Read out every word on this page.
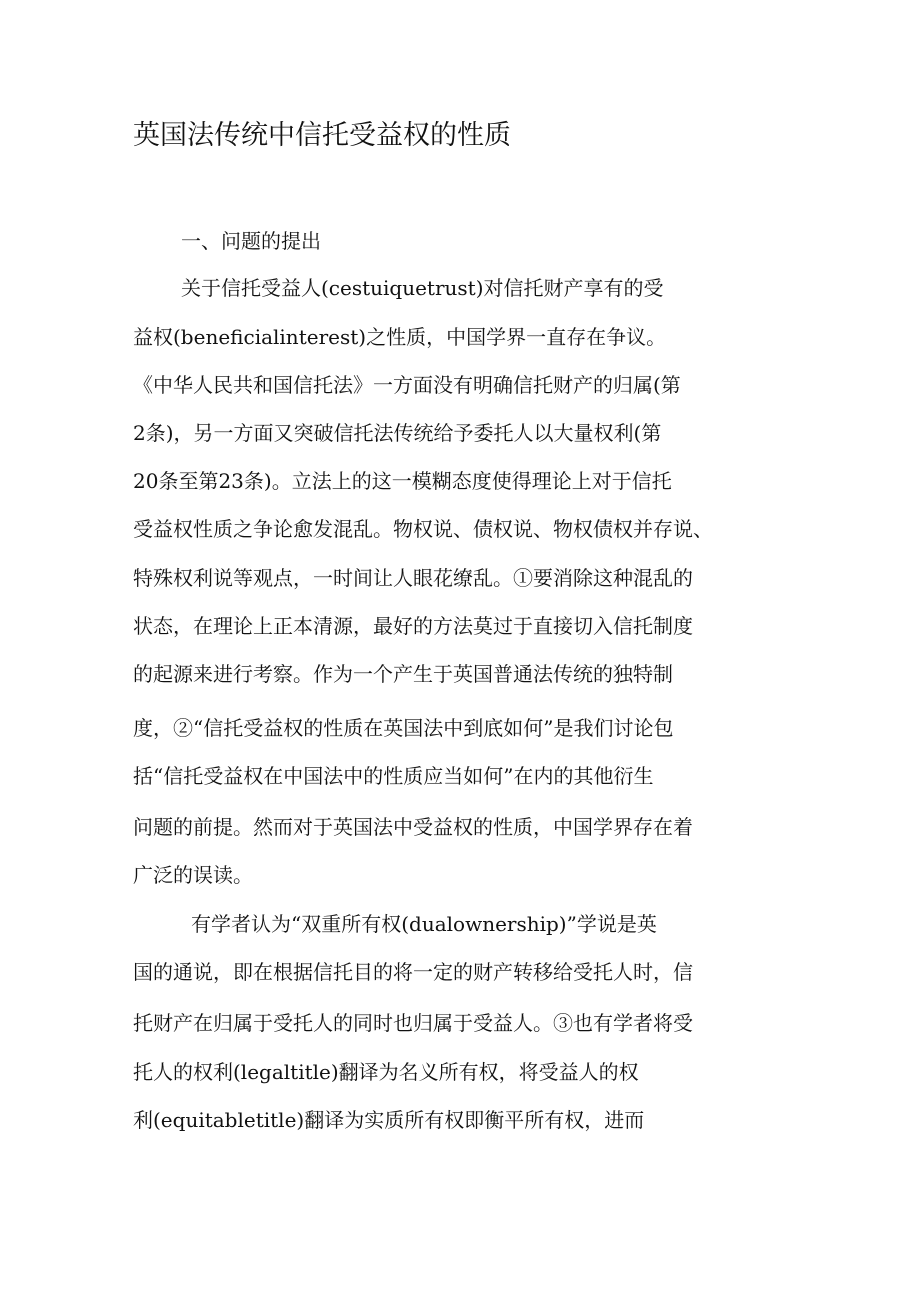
英国法传统中信托受益权的性质
一、问题的提出
关于信托受益人(cestuiquetrust)对信托财产享有的受
益权(beneficialinterest)之性质，中国学界一直存在争议。
《中华人民共和国信托法》一方面没有明确信托财产的归属(第
2条)，另一方面又突破信托法传统给予委托人以大量权利(第
20条至第23条)。立法上的这一模糊态度使得理论上对于信托
受益权性质之争论愈发混乱。物权说、债权说、物权债权并存说、
特殊权利说等观点，一时间让人眼花缭乱。①要消除这种混乱的
状态，在理论上正本清源，最好的方法莫过于直接切入信托制度
的起源来进行考察。作为一个产生于英国普通法传统的独特制
度，②“信托受益权的性质在英国法中到底如何”是我们讨论包
括“信托受益权在中国法中的性质应当如何”在内的其他衍生
问题的前提。然而对于英国法中受益权的性质，中国学界存在着
广泛的误读。
有学者认为“双重所有权(dualownership)”学说是英
国的通说，即在根据信托目的将一定的财产转移给受托人时，信
托财产在归属于受托人的同时也归属于受益人。③也有学者将受
托人的权利(legaltitle)翻译为名义所有权，将受益人的权
利(equitabletitle)翻译为实质所有权即衡平所有权，进而
